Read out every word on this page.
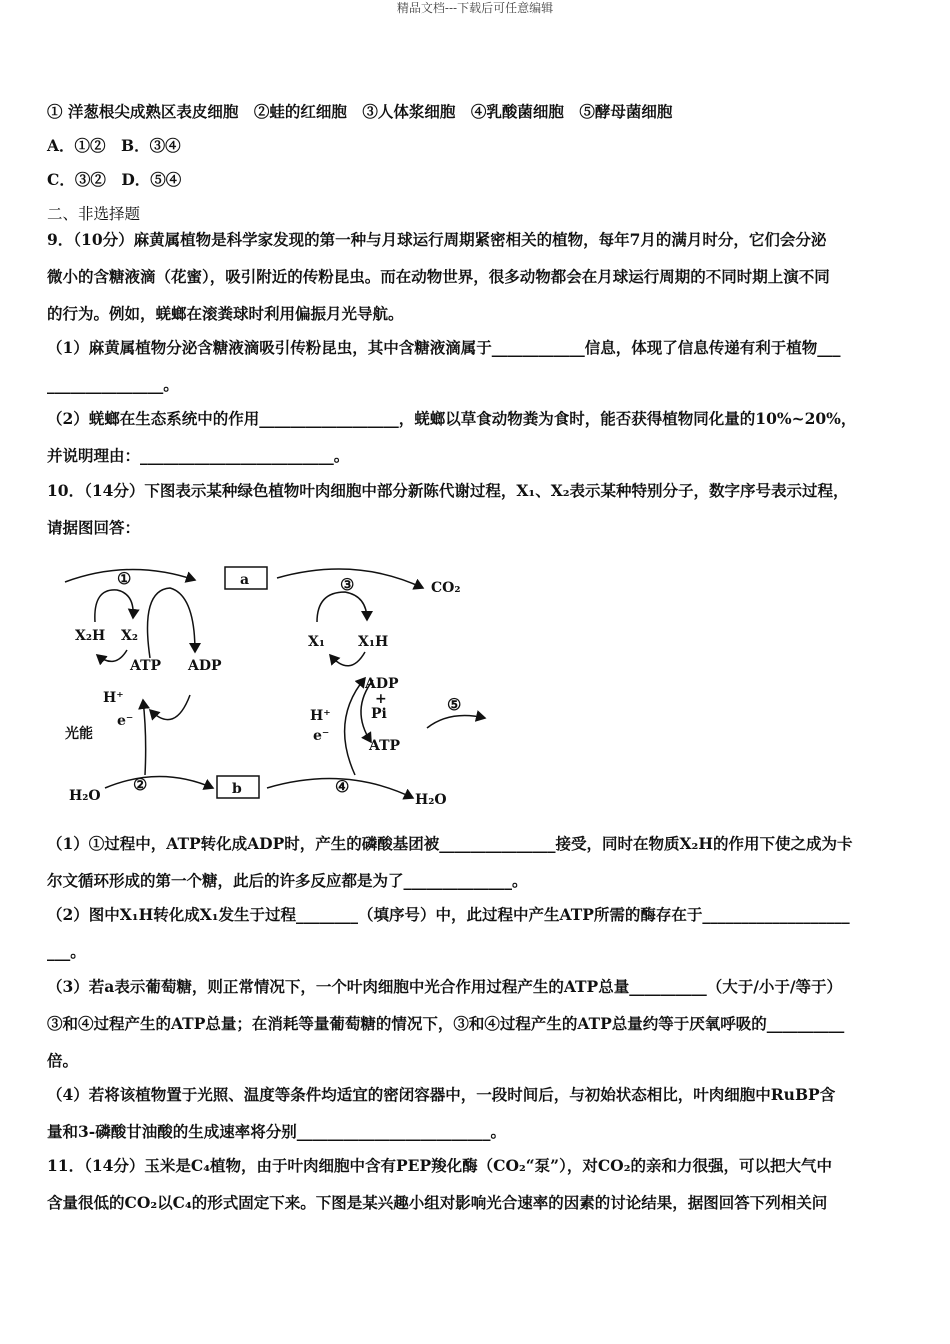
精品文档---下载后可任意编辑
① 洋葱根尖成熟区表皮细胞　②蛙的红细胞　③人体浆细胞　④乳酸菌细胞　⑤酵母菌细胞
A．①②　B．③④
C．③②　D．⑤④
二、非选择题
9．（10分）麻黄属植物是科学家发现的第一种与月球运行周期紧密相关的植物，每年7月的满月时分，它们会分泌
微小的含糖液滴（花蜜），吸引附近的传粉昆虫。而在动物世界，很多动物都会在月球运行周期的不同时期上演不同
的行为。例如，蜣螂在滚粪球时利用偏振月光导航。
（1）麻黄属植物分泌含糖液滴吸引传粉昆虫，其中含糖液滴属于____________信息，体现了信息传递有利于植物___
_______________。
（2）蜣螂在生态系统中的作用__________________，蜣螂以草食动物粪为食时，能否获得植物同化量的10%~20%，
并说明理由：_________________________。
10．（14分）下图表示某种绿色植物叶肉细胞中部分新陈代谢过程，X₁、X₂表示某种特别分子，数字序号表示过程，
请据图回答：
①	a	③	CO₂
X₂H X₂
ATP ADP
H⁺
e⁻
光能
②
H₂O	b	④
H₂O
X₁ X₁H
ADP
+
Pi
ATP
H⁺
e⁻
⑤
（1）①过程中，ATP转化成ADP时，产生的磷酸基团被_______________接受，同时在物质X₂H的作用下使之成为卡
尔文循环形成的第一个糖，此后的许多反应都是为了______________。
（2）图中X₁H转化成X₁发生于过程________（填序号）中，此过程中产生ATP所需的酶存在于___________________
___。
（3）若a表示葡萄糖，则正常情况下，一个叶肉细胞中光合作用过程产生的ATP总量__________（大于/小于/等于）
③和④过程产生的ATP总量；在消耗等量葡萄糖的情况下，③和④过程产生的ATP总量约等于厌氧呼吸的__________
倍。
（4）若将该植物置于光照、温度等条件均适宜的密闭容器中，一段时间后，与初始状态相比，叶肉细胞中RuBP含
量和3-磷酸甘油酸的生成速率将分别_________________________。
11．（14分）玉米是C₄植物，由于叶肉细胞中含有PEP羧化酶（CO₂“泵”），对CO₂的亲和力很强，可以把大气中
含量很低的CO₂以C₄的形式固定下来。下图是某兴趣小组对影响光合速率的因素的讨论结果，据图回答下列相关问
